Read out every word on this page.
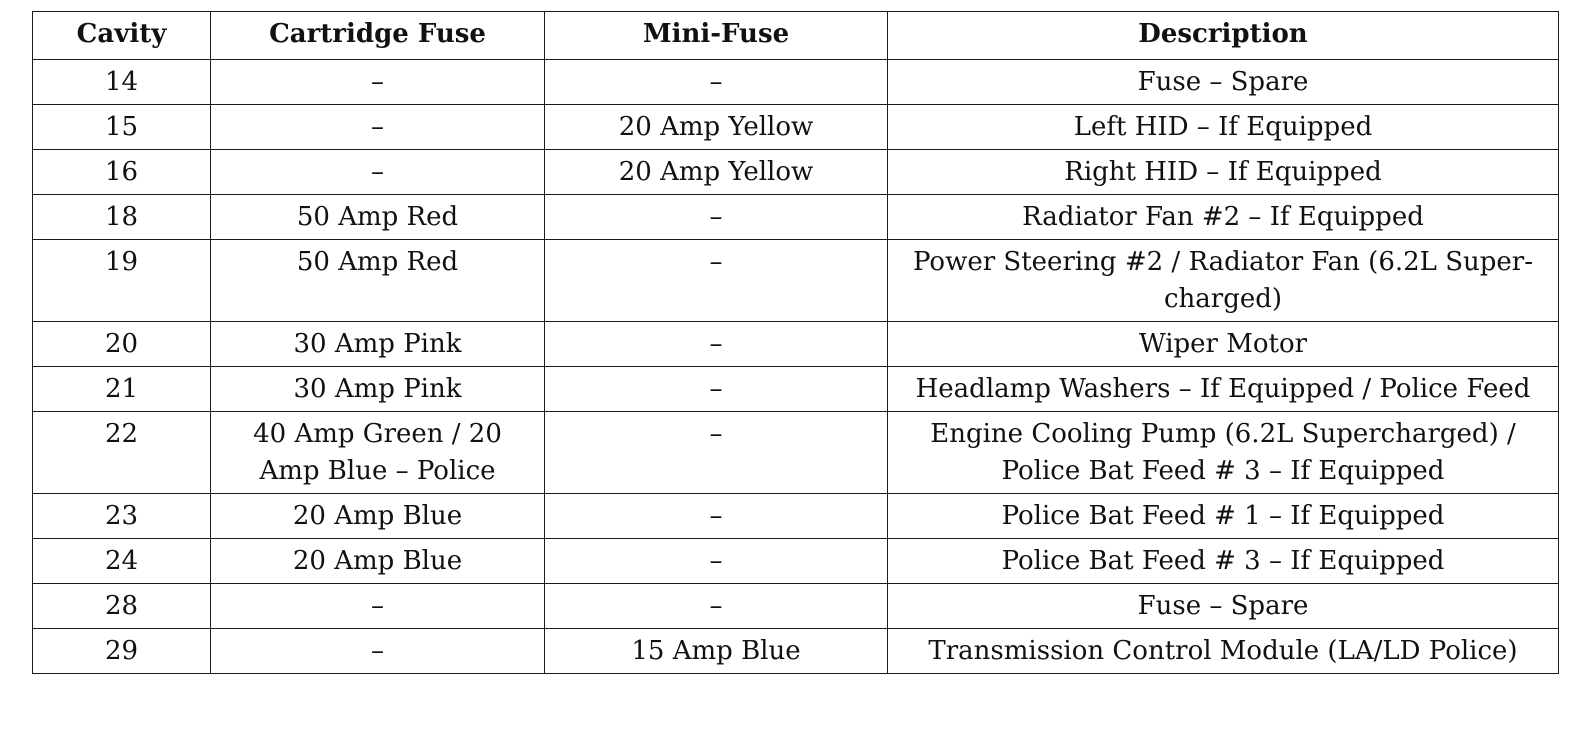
Cavity	Cartridge Fuse	Mini-Fuse	Description
14	–	–	Fuse – Spare
15	–	20 Amp Yellow	Left HID – If Equipped
16	–	20 Amp Yellow	Right HID – If Equipped
18	50 Amp Red	–	Radiator Fan #2 – If Equipped
19	50 Amp Red	–	Power Steering #2 / Radiator Fan (6.2L Super-charged)
20	30 Amp Pink	–	Wiper Motor
21	30 Amp Pink	–	Headlamp Washers – If Equipped / Police Feed
22	40 Amp Green / 20 Amp Blue – Police	–	Engine Cooling Pump (6.2L Supercharged) / Police Bat Feed # 3 – If Equipped
23	20 Amp Blue	–	Police Bat Feed # 1 – If Equipped
24	20 Amp Blue	–	Police Bat Feed # 3 – If Equipped
28	–	–	Fuse – Spare
29	–	15 Amp Blue	Transmission Control Module (LA/LD Police)
